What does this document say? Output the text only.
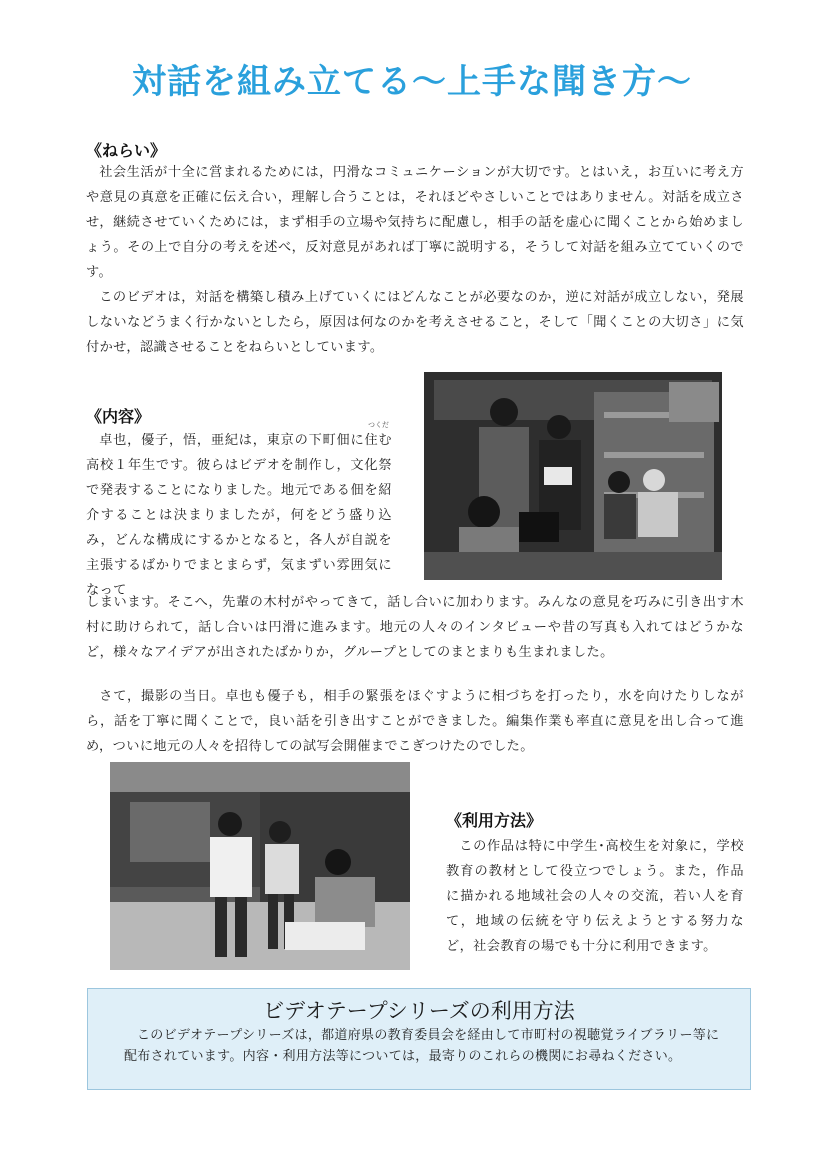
対話を組み立てる～上手な聞き方～
《ねらい》

社会生活が十全に営まれるためには，円滑なコミュニケーションが大切です。とはいえ，お互いに考え方や意見の真意を正確に伝え合い，理解し合うことは，それほどやさしいことではありません。対話を成立させ，継続させていくためには，まず相手の立場や気持ちに配慮し，相手の話を虚心に聞くことから始めましょう。その上で自分の考えを述べ，反対意見があれば丁寧に説明する，そうして対話を組み立てていくのです。

このビデオは，対話を構築し積み上げていくにはどんなことが必要なのか，逆に対話が成立しない，発展しないなどうまく行かないとしたら，原因は何なのかを考えさせること，そして「聞くことの大切さ」に気付かせ，認識させることをねらいとしています。

《内容》	つくだ

卓也，優子，悟，亜紀は，東京の下町佃に住む高校１年生です。彼らはビデオを制作し，文化祭で発表することになりました。地元である佃を紹介することは決まりましたが，何をどう盛り込み，どんな構成にするかとなると，各人が自説を主張するばかりでまとまらず，気まずい雰囲気になって

しまいます。そこへ，先輩の木村がやってきて，話し合いに加わります。みんなの意見を巧みに引き出す木村に助けられて，話し合いは円滑に進みます。地元の人々のインタビューや昔の写真も入れてはどうかなど，様々なアイデアが出されたばかりか，グループとしてのまとまりも生まれました。

さて，撮影の当日。卓也も優子も，相手の緊張をほぐすように相づちを打ったり，水を向けたりしながら，話を丁寧に聞くことで，良い話を引き出すことができました。編集作業も率直に意見を出し合って進め，ついに地元の人々を招待しての試写会開催までこぎつけたのでした。

《利用方法》

この作品は特に中学生･高校生を対象に，学校教育の教材として役立つでしょう。また，作品に描かれる地域社会の人々の交流，若い人を育て，地域の伝統を守り伝えようとする努力など，社会教育の場でも十分に利用できます。

ビデオテープシリーズの利用方法

このビデオテープシリーズは，都道府県の教育委員会を経由して市町村の視聴覚ライブラリー等に配布されています。内容・利用方法等については，最寄りのこれらの機関にお尋ねください。
